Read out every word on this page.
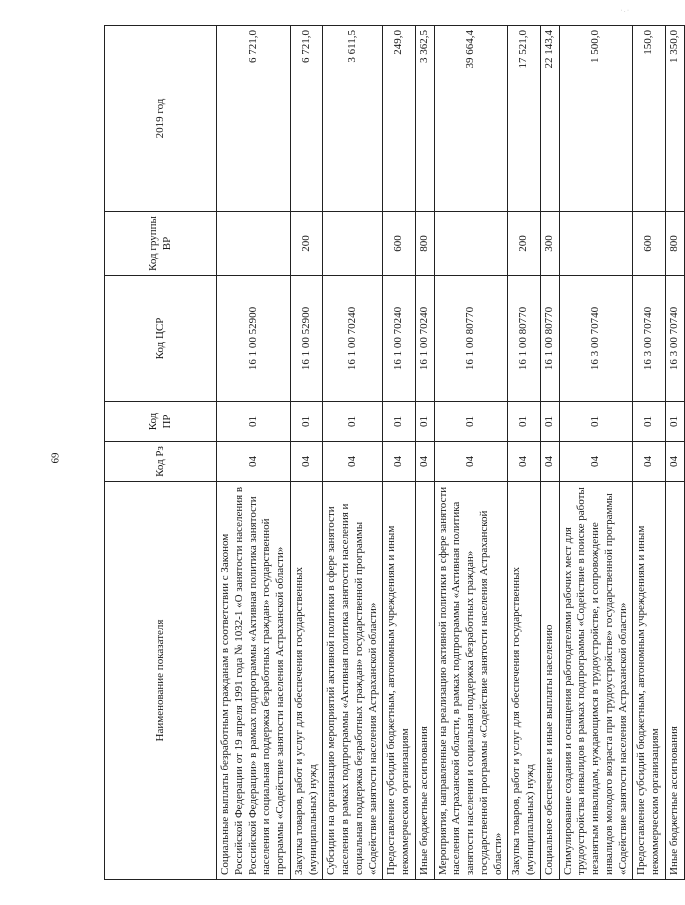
69
· . ·
Наименование показателя	Код Рз	Код ПР	Код ЦСР	Код группы ВР	2019 год
Социальные выплаты безработным гражданам в соответствии с Законом Российской Федерации от 19 апреля 1991 года № 1032-1 «О занятости населения в Российской Федерации» в рамках подпрограммы «Активная политика занятости населения и социальная поддержка безработных граждан» государственной программы «Содействие занятости населения Астраханской области»	04	01	16 1 00 52900		6 721,0
Закупка товаров, работ и услуг для обеспечения государственных (муниципальных) нужд	04	01	16 1 00 52900	200	6 721,0
Субсидии на организацию мероприятий активной политики в сфере занятости населения в рамках подпрограммы «Активная политика занятости населения и социальная поддержка безработных граждан» государственной программы «Содействие занятости населения Астраханской области»	04	01	16 1 00 70240		3 611,5
Предоставление субсидий бюджетным, автономным учреждениям и иным некоммерческим организациям	04	01	16 1 00 70240	600	249,0
Иные бюджетные ассигнования	04	01	16 1 00 70240	800	3 362,5
Мероприятия, направленные на реализацию активной политики в сфере занятости населения Астраханской области, в рамках подпрограммы «Активная политика занятости населения и социальная поддержка безработных граждан» государственной программы «Содействие занятости населения Астраханской области»	04	01	16 1 00 80770		39 664,4
Закупка товаров, работ и услуг для обеспечения государственных (муниципальных) нужд	04	01	16 1 00 80770	200	17 521,0
Социальное обеспечение и иные выплаты населению	04	01	16 1 00 80770	300	22 143,4
Стимулирование создания и оснащения работодателями рабочих мест для трудоустройства инвалидов в рамках подпрограммы «Содействие в поиске работы незанятым инвалидам, нуждающимся в трудоустройстве, и сопровождение инвалидов молодого возраста при трудоустройстве» государственной программы «Содействие занятости населения Астраханской области»	04	01	16 3 00 70740		1 500,0
Предоставление субсидий бюджетным, автономным учреждениям и иным некоммерческим организациям	04	01	16 3 00 70740	600	150,0
Иные бюджетные ассигнования	04	01	16 3 00 70740	800	1 350,0
